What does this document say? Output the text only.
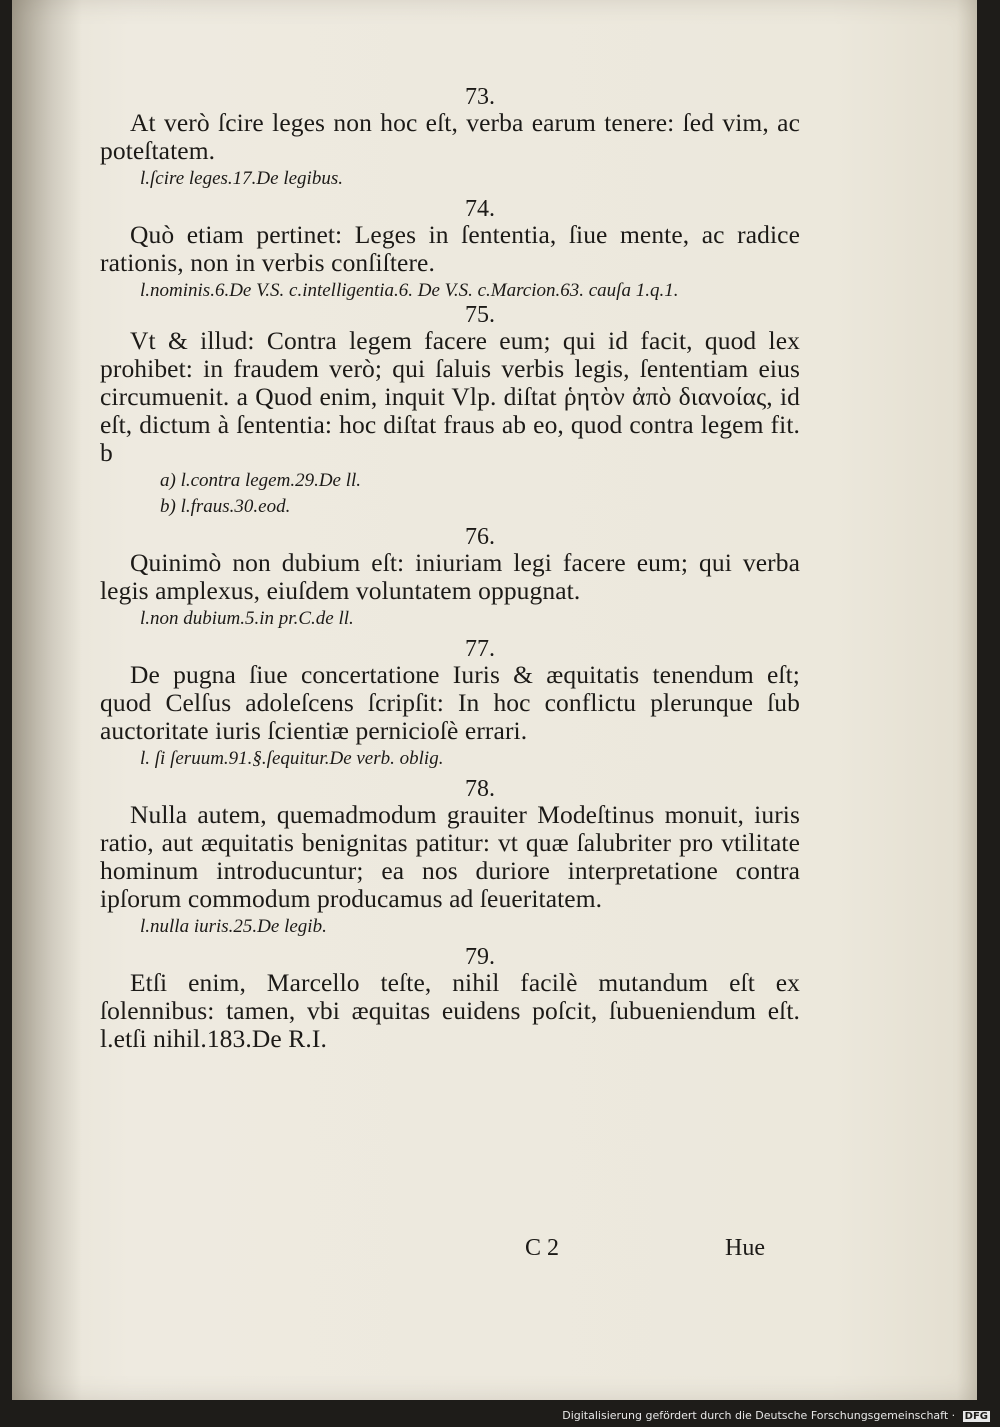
73.

At verò ſcire leges non hoc eſt, verba earum tenere: ſed vim, ac poteſtatem.

l.ſcire leges.17.De legibus.

74.

Quò etiam pertinet: Leges in ſententia, ſiue mente, ac radice rationis, non in verbis conſiſtere.

l.nominis.6.De V.S. c.intelligentia.6. De V.S. c.Marcion.63. cauſa 1.q.1.

75.

Vt & illud: Contra legem facere eum; qui id facit, quod lex prohibet: in fraudem verò; qui ſaluis verbis legis, ſententiam eius circumuenit. a Quod enim, inquit Vlp. diſtat ῥητὸν ἀπὸ διανοίας, id eſt, dictum à ſententia: hoc diſtat fraus ab eo, quod contra legem fit. b

a) l.contra legem.29.De ll.

b) l.fraus.30.eod.

76.

Quinimò non dubium eſt: iniuriam legi facere eum; qui verba legis amplexus, eiuſdem voluntatem oppugnat.

l.non dubium.5.in pr.C.de ll.

77.

De pugna ſiue concertatione Iuris & æquitatis tenendum eſt; quod Celſus adoleſcens ſcripſit: In hoc conflictu plerunque ſub auctoritate iuris ſcientiæ pernicioſè errari.

l. ſi ſeruum.91.§.ſequitur.De verb. oblig.

78.

Nulla autem, quemadmodum grauiter Modeſtinus monuit, iuris ratio, aut æquitatis benignitas patitur: vt quæ ſalubriter pro vtilitate hominum introducuntur; ea nos duriore interpretatione contra ipſorum commodum producamus ad ſeueritatem.

l.nulla iuris.25.De legib.

79.

Etſi enim, Marcello teſte, nihil facilè mutandum eſt ex ſolennibus: tamen, vbi æquitas euidens poſcit, ſubueniendum eſt. l.etſi nihil.183.De R.I.

C 2	Hue
Digitalisierung gefördert durch die Deutsche Forschungsgemeinschaft · DFG
